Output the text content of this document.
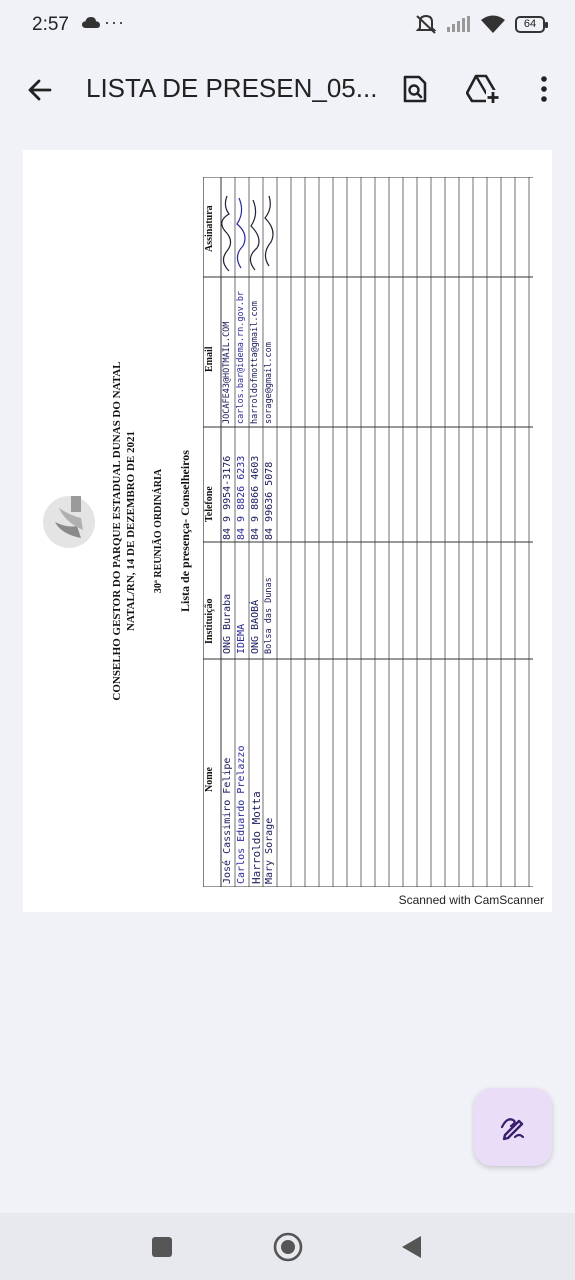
2:57 ···	64
LISTA DE PRESEN_05...
CONSELHO GESTOR DO PARQUE ESTADUAL DUNAS DO NATAL NATAL/RN, 14 DE DEZEMBRO DE 2021 30ª REUNIÃO ORDINÁRIA Lista de presença- Conselheiros
Nome
Instituição
Telefone
Email
Assinatura
José Cassimiro Felipe
ONG Buraba
84 9 9954-3176
JOCAFE43@HOTMAIL.COM
Carlos Eduardo Prelazzo
IDEMA
84 9 8826 6233
carlos.bar@idema.rn.gov.br
Harroldo Motta
ONG BAOBÁ
84 9 8866 4603
harroldofmotta@gmail.com
Mary Sorage
Bolsa das Dunas
84 99636 5078
sorage@gmail.com
Scanned with CamScanner
